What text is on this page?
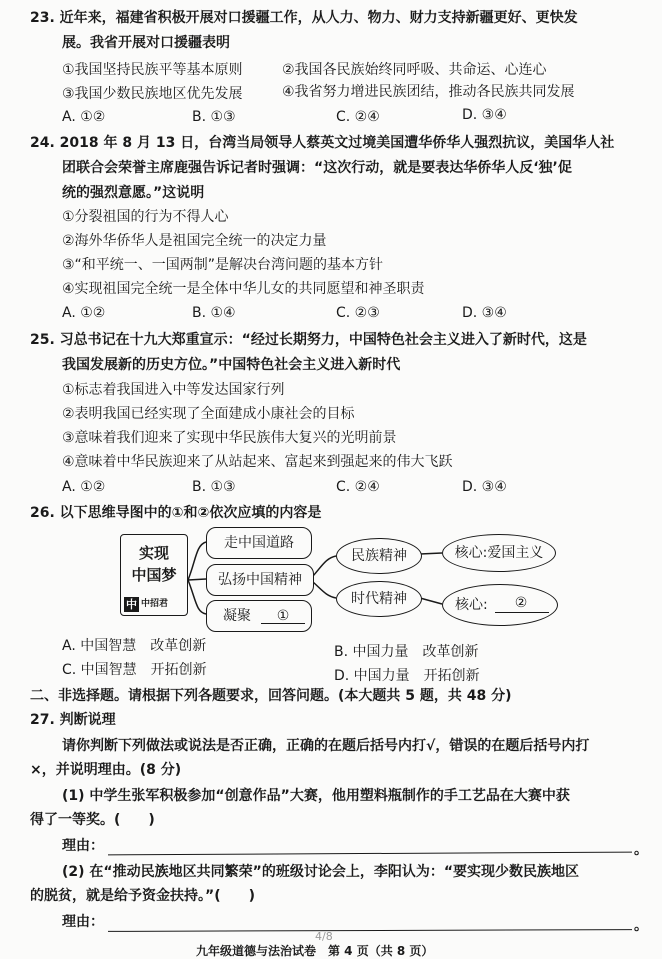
23. 近年来，福建省积极开展对口援疆工作，从人力、物力、财力支持新疆更好、更快发
展。我省开展对口援疆表明
①我国坚持民族平等基本原则	②我国各民族始终同呼吸、共命运、心连心
③我国少数民族地区优先发展	④我省努力增进民族团结，推动各民族共同发展
A. ①②	B. ①③	C. ②④	D. ③④
24. 2018 年 8 月 13 日，台湾当局领导人蔡英文过境美国遭华侨华人强烈抗议，美国华人社
团联合会荣誉主席鹿强告诉记者时强调：“这次行动，就是要表达华侨华人反‘独’促
统的强烈意愿。”这说明
①分裂祖国的行为不得人心
②海外华侨华人是祖国完全统一的决定力量
③“和平统一、一国两制”是解决台湾问题的基本方针
④实现祖国完全统一是全体中华儿女的共同愿望和神圣职责
A. ①②	B. ①④	C. ②③	D. ③④
25. 习总书记在十九大郑重宣示：“经过长期努力，中国特色社会主义进入了新时代，这是
我国发展新的历史方位。”中国特色社会主义进入新时代
①标志着我国进入中等发达国家行列
②表明我国已经实现了全面建成小康社会的目标
③意味着我们迎来了实现中华民族伟大复兴的光明前景
④意味着中华民族迎来了从站起来、富起来到强起来的伟大飞跃
A. ①②	B. ①③	C. ②④	D. ③④
26. 以下思维导图中的①和②依次应填的内容是
实现
中国梦
中 中招君
走中国道路
弘扬中国精神
凝聚	①
民族精神
时代精神
核心:爱国主义
核心:	②
A. 中国智慧　改革创新	B. 中国力量　改革创新
C. 中国智慧　开拓创新	D. 中国力量　开拓创新
二、非选择题。请根据下列各题要求，回答问题。(本大题共 5 题，共 48 分)
27. 判断说理
请你判断下列做法或说法是否正确，正确的在题后括号内打√，错误的在题后括号内打
×，并说明理由。(8 分)
(1) 中学生张军积极参加“创意作品”大赛，他用塑料瓶制作的手工艺品在大赛中获
得了一等奖。(　　)
理由：	。
(2) 在“推动民族地区共同繁荣”的班级讨论会上，李阳认为：“要实现少数民族地区
的脱贫，就是给予资金扶持。”(　　)
理由：	。
4/8
九年级道德与法治试卷　第 4 页（共 8 页）
